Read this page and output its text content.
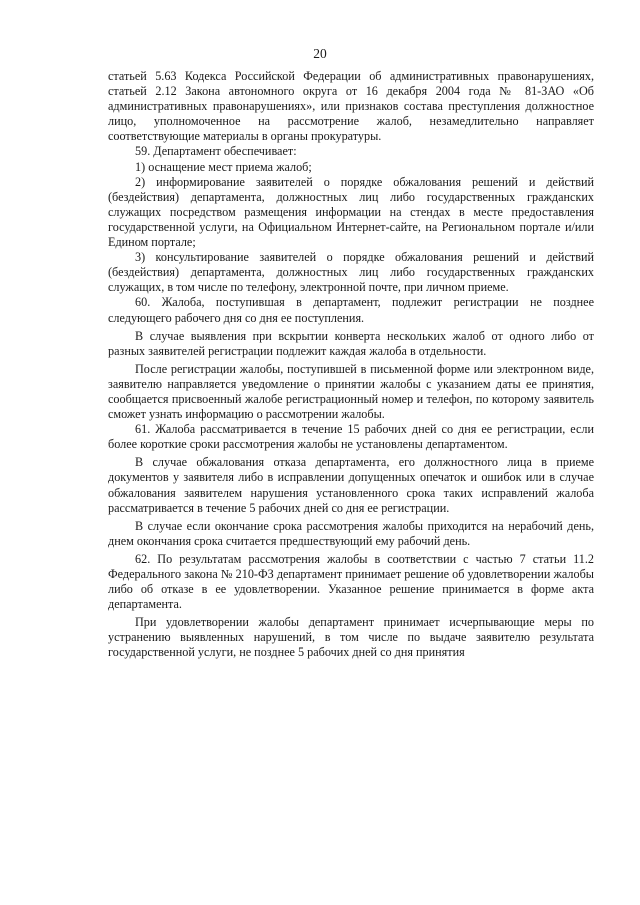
20

статьей 5.63 Кодекса Российской Федерации об административных правонарушениях, статьей 2.12 Закона автономного округа от 16 декабря 2004 года № 81-ЗАО «Об административных правонарушениях», или признаков состава преступления должностное лицо, уполномоченное на рассмотрение жалоб, незамедлительно направляет соответствующие материалы в органы прокуратуры.

59. Департамент обеспечивает:

1) оснащение мест приема жалоб;

2) информирование заявителей о порядке обжалования решений и действий (бездействия) департамента, должностных лиц либо государственных гражданских служащих посредством размещения информации на стендах в месте предоставления государственной услуги, на Официальном Интернет-сайте, на Региональном портале и/или Едином портале;

3) консультирование заявителей о порядке обжалования решений и действий (бездействия) департамента, должностных лиц либо государственных гражданских служащих, в том числе по телефону, электронной почте, при личном приеме.

60. Жалоба, поступившая в департамент, подлежит регистрации не позднее следующего рабочего дня со дня ее поступления.

В случае выявления при вскрытии конверта нескольких жалоб от одного либо от разных заявителей регистрации подлежит каждая жалоба в отдельности.

После регистрации жалобы, поступившей в письменной форме или электронном виде, заявителю направляется уведомление о принятии жалобы с указанием даты ее принятия, сообщается присвоенный жалобе регистрационный номер и телефон, по которому заявитель сможет узнать информацию о рассмотрении жалобы.

61. Жалоба рассматривается в течение 15 рабочих дней со дня ее регистрации, если более короткие сроки рассмотрения жалобы не установлены департаментом.

В случае обжалования отказа департамента, его должностного лица в приеме документов у заявителя либо в исправлении допущенных опечаток и ошибок или в случае обжалования заявителем нарушения установленного срока таких исправлений жалоба рассматривается в течение 5 рабочих дней со дня ее регистрации.

В случае если окончание срока рассмотрения жалобы приходится на нерабочий день, днем окончания срока считается предшествующий ему рабочий день.

62. По результатам рассмотрения жалобы в соответствии с частью 7 статьи 11.2 Федерального закона № 210-ФЗ департамент принимает решение об удовлетворении жалобы либо об отказе в ее удовлетворении. Указанное решение принимается в форме акта департамента.

При удовлетворении жалобы департамент принимает исчерпывающие меры по устранению выявленных нарушений, в том числе по выдаче заявителю результата государственной услуги, не позднее 5 рабочих дней со дня принятия
